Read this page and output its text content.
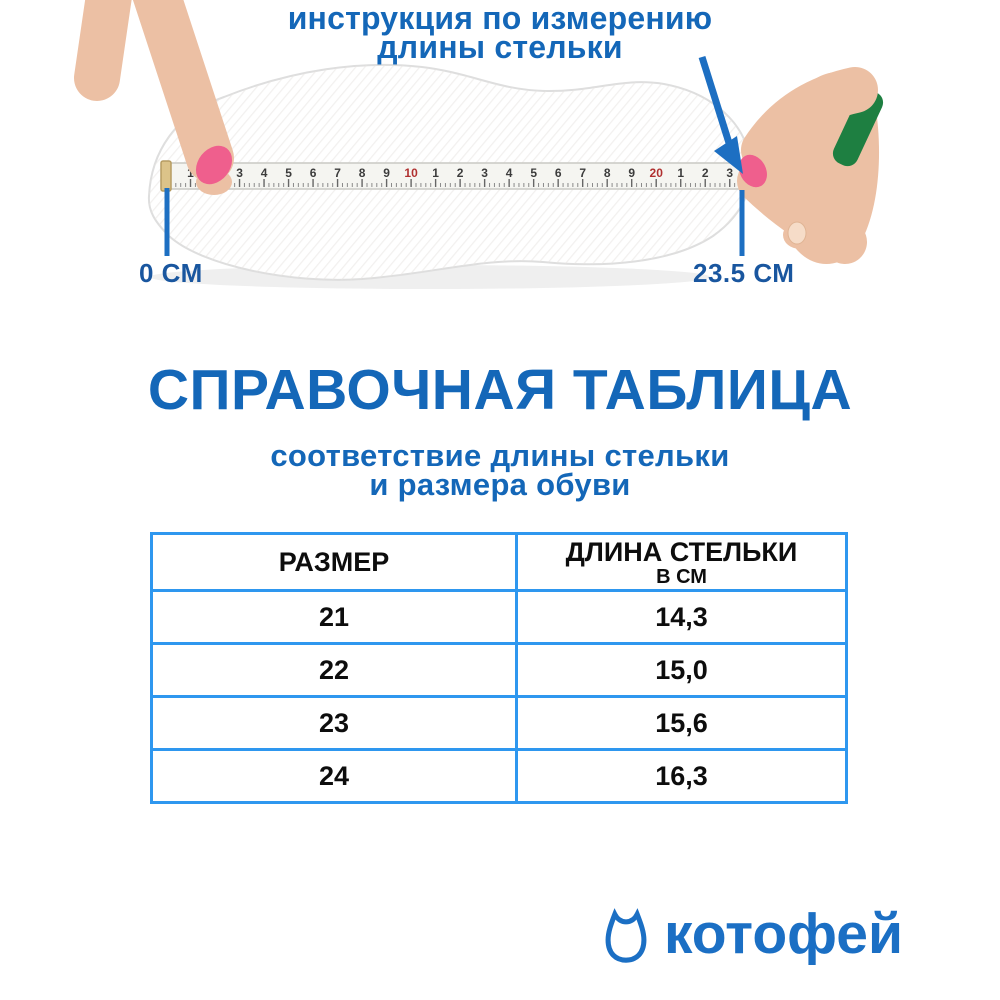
1	3 4 5 6 7 8 9 10 1 2 3 4 5 6 7 8 9 20 1 2 3
инструкция по измерению
длины стельки
0 СМ	23.5 СМ
СПРАВОЧНАЯ ТАБЛИЦА
соответствие длины стельки
и размера обуви
РАЗМЕР	ДЛИНА СТЕЛЬКИ
В СМ

21	14,3
22	15,0
23	15,6
24	16,3
котофей
